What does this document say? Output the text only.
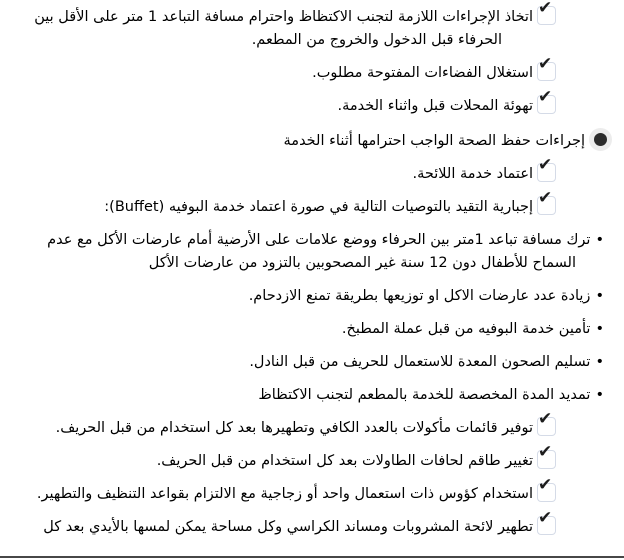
✔
اتخاذ الإجراءات اللازمة لتجنب الاكتظاظ واحترام مسافة التباعد 1 متر على الأقل بين الحرفاء قبل الدخول والخروج من المطعم.
✔
استغلال الفضاءات المفتوحة مطلوب.
✔
تهوئة المحلات قبل واثناء الخدمة.
إجراءات حفظ الصحة الواجب احترامها أثناء الخدمة
✔
اعتماد خدمة اللائحة.
✔
إجبارية التقيد بالتوصيات التالية في صورة اعتماد خدمة البوفيه (Buffet):
•ترك مسافة تباعد 1متر بين الحرفاء ووضع علامات على الأرضية أمام عارضات الأكل مع عدم السماح للأطفال دون 12 سنة غير المصحوبين بالتزود من عارضات الأكل
•زيادة عدد عارضات الاكل او توزيعها بطريقة تمنع الازدحام.
•تأمين خدمة البوفيه من قبل عملة المطبخ.
•تسليم الصحون المعدة للاستعمال للحريف من قبل النادل.
•تمديد المدة المخصصة للخدمة بالمطعم لتجنب الاكتظاظ
✔
توفير قائمات مأكولات بالعدد الكافي وتطهيرها بعد كل استخدام من قبل الحريف.
✔
تغيير طاقم لحافات الطاولات بعد كل استخدام من قبل الحريف.
✔
استخدام كؤوس ذات استعمال واحد أو زجاجية مع الالتزام بقواعد التنظيف والتطهير.
✔
تطهير لائحة المشروبات ومساند الكراسي وكل مساحة يمكن لمسها بالأيدي بعد كل
